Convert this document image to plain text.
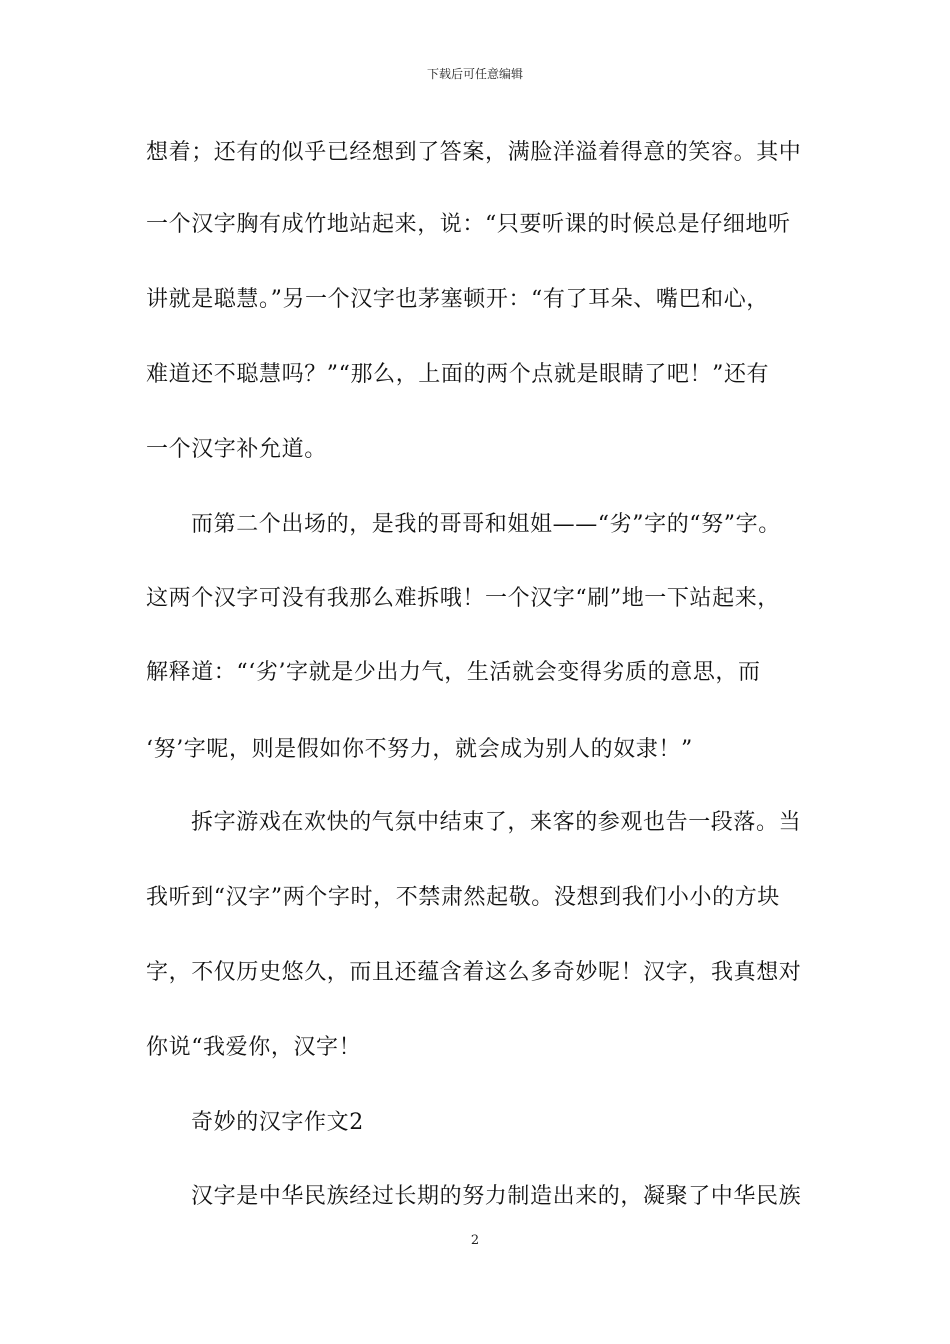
下载后可任意编辑
想着；还有的似乎已经想到了答案，满脸洋溢着得意的笑容。其中
一个汉字胸有成竹地站起来，说：“只要听课的时候总是仔细地听
讲就是聪慧。”另一个汉字也茅塞顿开：“有了耳朵、嘴巴和心，
难道还不聪慧吗？”“那么，上面的两个点就是眼睛了吧！”还有
一个汉字补允道。
而第二个出场的，是我的哥哥和姐姐——“劣”字的“努”字。
这两个汉字可没有我那么难拆哦！一个汉字“刷”地一下站起来，
解释道：“‘劣’字就是少出力气，生活就会变得劣质的意思，而
‘努’字呢，则是假如你不努力，就会成为别人的奴隶！”
拆字游戏在欢快的气氛中结束了，来客的参观也告一段落。当
我听到“汉字”两个字时，不禁肃然起敬。没想到我们小小的方块
字，不仅历史悠久，而且还蕴含着这么多奇妙呢！汉字，我真想对
你说“我爱你，汉字！
奇妙的汉字作文2
汉字是中华民族经过长期的努力制造出来的，凝聚了中华民族
2
